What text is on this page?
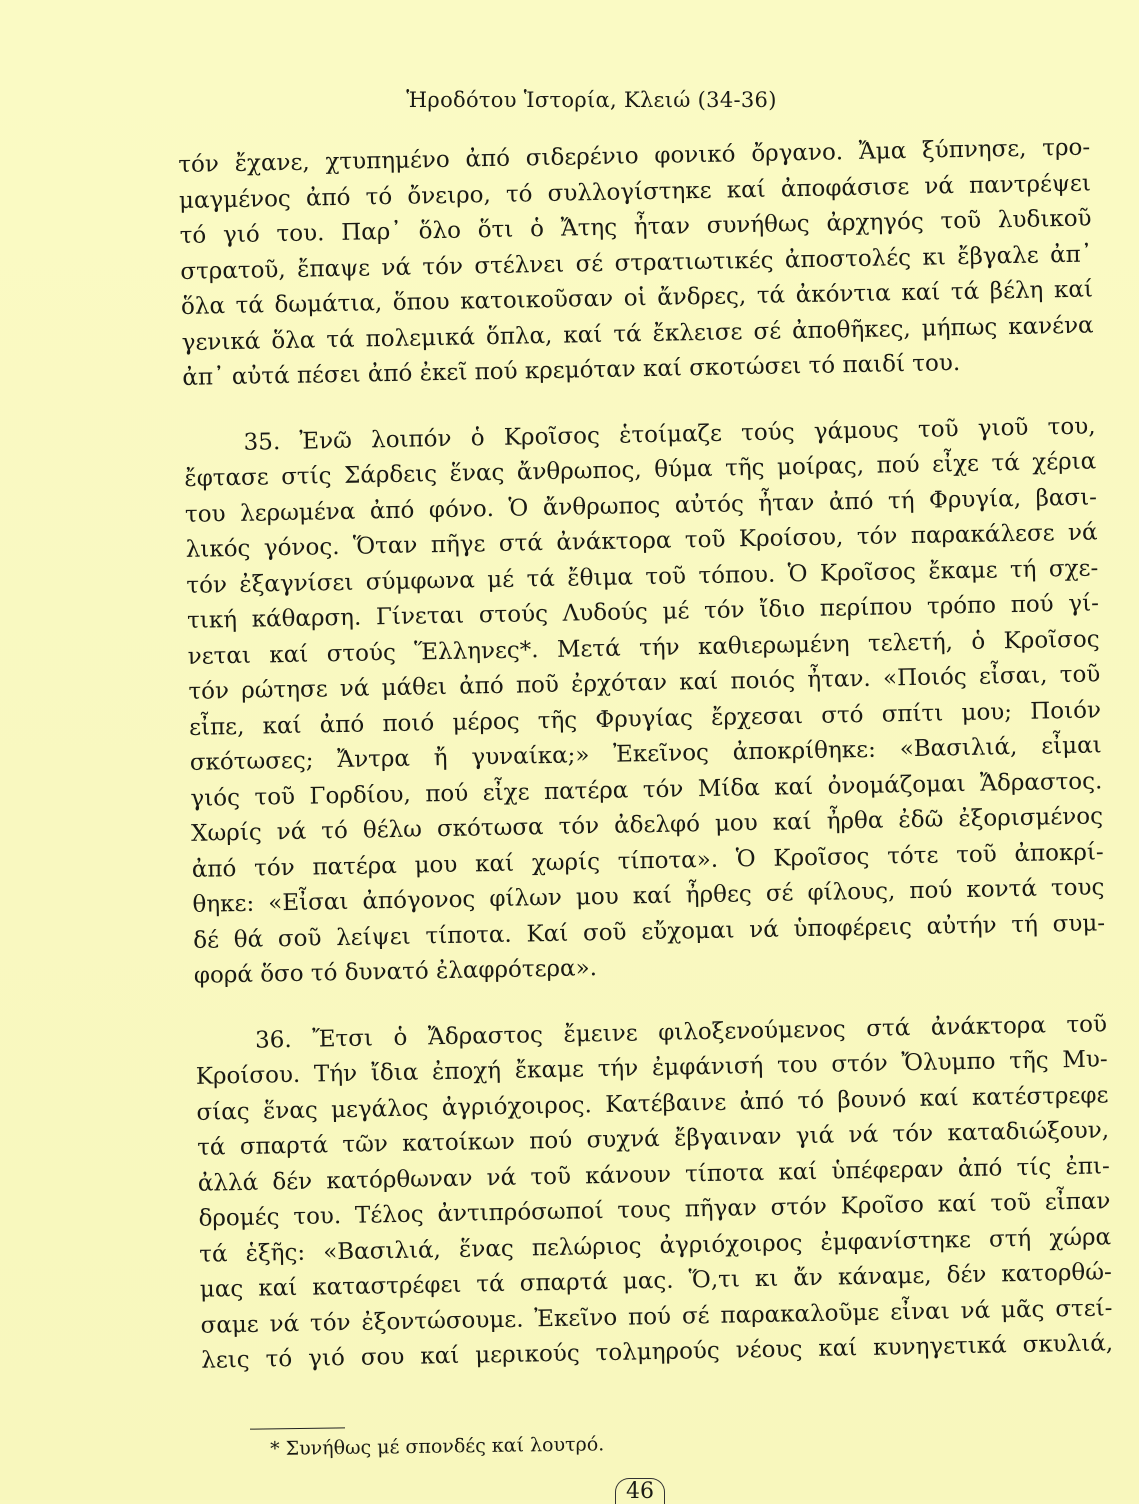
Ἡροδότου Ἱστορία, Κλειώ (34-36)
τόν ἔχανε, χτυπημένο ἀπό σιδερένιο φονικό ὄργανο. Ἄμα ξύπνησε, τρο-
μαγμένος ἀπό τό ὄνειρο, τό συλλογίστηκε καί ἀποφάσισε νά παντρέψει
τό γιό του. Παρ᾽ ὅλο ὅτι ὁ Ἄτης ἦταν συνήθως ἀρχηγός τοῦ λυδικοῦ
στρατοῦ, ἔπαψε νά τόν στέλνει σέ στρατιωτικές ἀποστολές κι ἔβγαλε ἀπ᾽
ὅλα τά δωμάτια, ὅπου κατοικοῦσαν οἱ ἄνδρες, τά ἀκόντια καί τά βέλη καί
γενικά ὅλα τά πολεμικά ὅπλα, καί τά ἔκλεισε σέ ἀποθῆκες, μήπως κανένα
ἀπ᾽ αὐτά πέσει ἀπό ἐκεῖ πού κρεμόταν καί σκοτώσει τό παιδί του.
35. Ἐνῶ λοιπόν ὁ Κροῖσος ἑτοίμαζε τούς γάμους τοῦ γιοῦ του,
ἔφτασε στίς Σάρδεις ἕνας ἄνθρωπος, θύμα τῆς μοίρας, πού εἶχε τά χέρια
του λερωμένα ἀπό φόνο. Ὁ ἄνθρωπος αὐτός ἦταν ἀπό τή Φρυγία, βασι-
λικός γόνος. Ὅταν πῆγε στά ἀνάκτορα τοῦ Κροίσου, τόν παρακάλεσε νά
τόν ἐξαγνίσει σύμφωνα μέ τά ἔθιμα τοῦ τόπου. Ὁ Κροῖσος ἔκαμε τή σχε-
τική κάθαρση. Γίνεται στούς Λυδούς μέ τόν ἴδιο περίπου τρόπο πού γί-
νεται καί στούς Ἕλληνες*. Μετά τήν καθιερωμένη τελετή, ὁ Κροῖσος
τόν ρώτησε νά μάθει ἀπό ποῦ ἐρχόταν καί ποιός ἦταν. «Ποιός εἶσαι, τοῦ
εἶπε, καί ἀπό ποιό μέρος τῆς Φρυγίας ἔρχεσαι στό σπίτι μου; Ποιόν
σκότωσες; Ἄντρα ἤ γυναίκα;» Ἐκεῖνος ἀποκρίθηκε: «Βασιλιά, εἶμαι
γιός τοῦ Γορδίου, πού εἶχε πατέρα τόν Μίδα καί ὀνομάζομαι Ἄδραστος.
Χωρίς νά τό θέλω σκότωσα τόν ἀδελφό μου καί ἦρθα ἐδῶ ἐξορισμένος
ἀπό τόν πατέρα μου καί χωρίς τίποτα». Ὁ Κροῖσος τότε τοῦ ἀποκρί-
θηκε: «Εἶσαι ἀπόγονος φίλων μου καί ἦρθες σέ φίλους, πού κοντά τους
δέ θά σοῦ λείψει τίποτα. Καί σοῦ εὔχομαι νά ὑποφέρεις αὐτήν τή συμ-
φορά ὅσο τό δυνατό ἐλαφρότερα».
36. Ἔτσι ὁ Ἄδραστος ἔμεινε φιλοξενούμενος στά ἀνάκτορα τοῦ
Κροίσου. Τήν ἴδια ἐποχή ἔκαμε τήν ἐμφάνισή του στόν Ὄλυμπο τῆς Μυ-
σίας ἕνας μεγάλος ἀγριόχοιρος. Κατέβαινε ἀπό τό βουνό καί κατέστρεφε
τά σπαρτά τῶν κατοίκων πού συχνά ἔβγαιναν γιά νά τόν καταδιώξουν,
ἀλλά δέν κατόρθωναν νά τοῦ κάνουν τίποτα καί ὑπέφεραν ἀπό τίς ἐπι-
δρομές του. Τέλος ἀντιπρόσωποί τους πῆγαν στόν Κροῖσο καί τοῦ εἶπαν
τά ἑξῆς: «Βασιλιά, ἕνας πελώριος ἀγριόχοιρος ἐμφανίστηκε στή χώρα
μας καί καταστρέφει τά σπαρτά μας. Ὅ,τι κι ἄν κάναμε, δέν κατορθώ-
σαμε νά τόν ἐξοντώσουμε. Ἐκεῖνο πού σέ παρακαλοῦμε εἶναι νά μᾶς στεί-
λεις τό γιό σου καί μερικούς τολμηρούς νέους καί κυνηγετικά σκυλιά,
* Συνήθως μέ σπονδές καί λουτρό.
46
